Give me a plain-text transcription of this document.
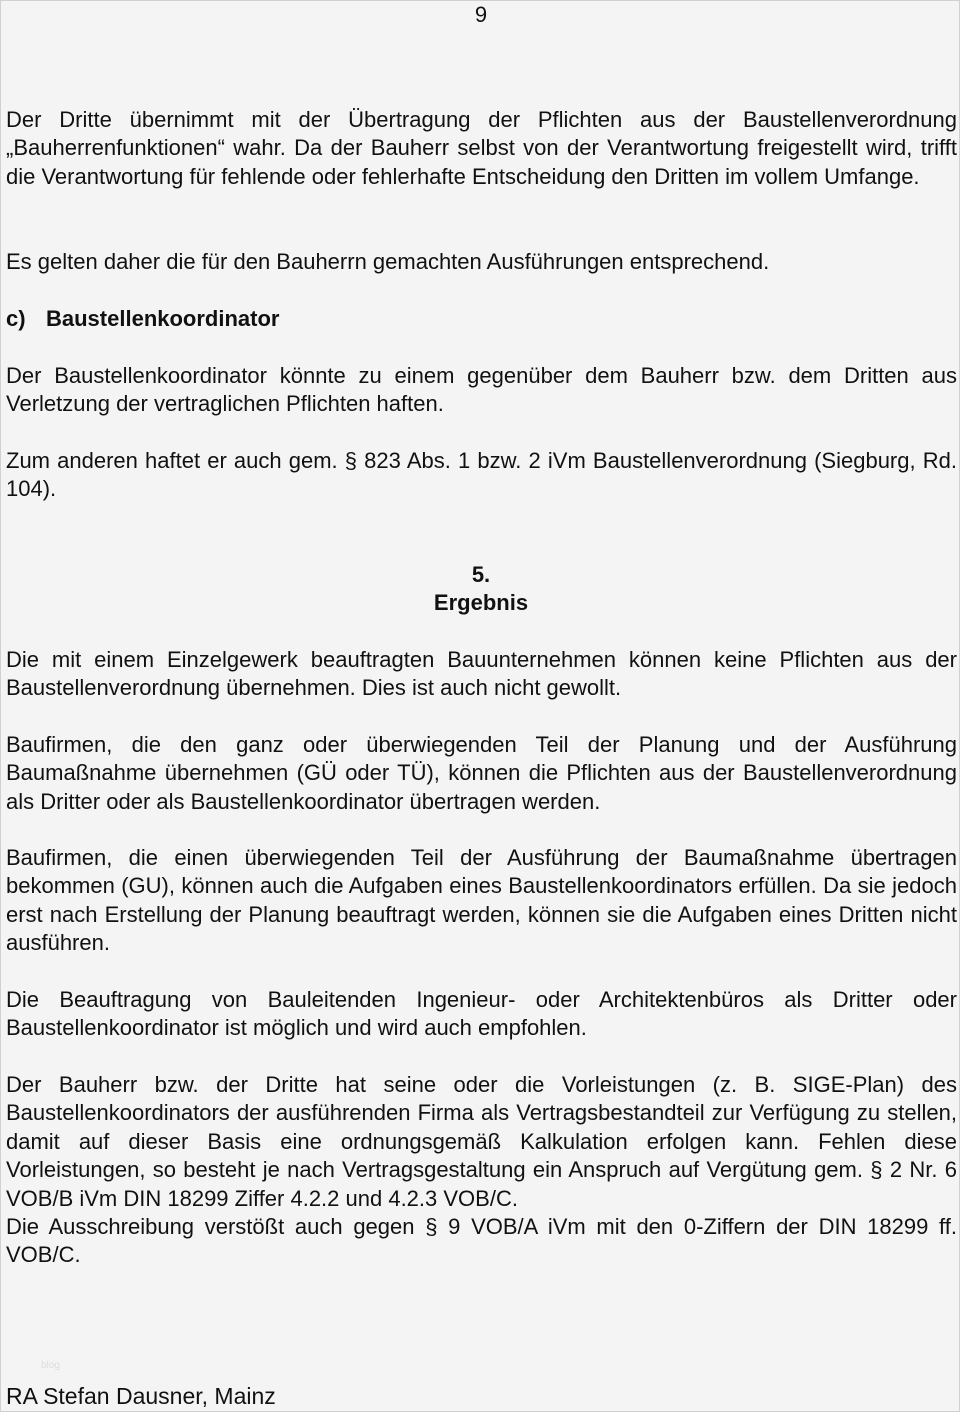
9

Der Dritte übernimmt mit der Übertragung der Pflichten aus der Baustellenverordnung „Bauherrenfunktionen“ wahr. Da der Bauherr selbst von der Verantwortung freigestellt wird, trifft die Verantwortung für fehlende oder fehlerhafte Entscheidung den Dritten im vollem Umfange.

Es gelten daher die für den Bauherrn gemachten Ausführungen entsprechend.

c) Baustellenkoordinator

Der Baustellenkoordinator könnte zu einem gegenüber dem Bauherr bzw. dem Dritten aus Verletzung der vertraglichen Pflichten haften.

Zum anderen haftet er auch gem. § 823 Abs. 1 bzw. 2 iVm Baustellenverordnung (Siegburg, Rd. 104).

5.
Ergebnis

Die mit einem Einzelgewerk beauftragten Bauunternehmen können keine Pflichten aus der Baustellenverordnung übernehmen. Dies ist auch nicht gewollt.

Baufirmen, die den ganz oder überwiegenden Teil der Planung und der Ausführung Baumaßnahme übernehmen (GÜ oder TÜ), können die Pflichten aus der Baustellenverordnung als Dritter oder als Baustellenkoordinator übertragen werden.

Baufirmen, die einen überwiegenden Teil der Ausführung der Baumaßnahme übertragen bekommen (GU), können auch die Aufgaben eines Baustellenkoordinators erfüllen. Da sie jedoch erst nach Erstellung der Planung beauftragt werden, können sie die Aufgaben eines Dritten nicht ausführen.

Die Beauftragung von Bauleitenden Ingenieur- oder Architektenbüros als Dritter oder Baustellenkoordinator ist möglich und wird auch empfohlen.

Der Bauherr bzw. der Dritte hat seine oder die Vorleistungen (z. B. SIGE-Plan) des Baustellenkoordinators der ausführenden Firma als Vertragsbestandteil zur Verfügung zu stellen, damit auf dieser Basis eine ordnungsgemäß Kalkulation erfolgen kann. Fehlen diese Vorleistungen, so besteht je nach Vertragsgestaltung ein Anspruch auf Vergütung gem. § 2 Nr. 6 VOB/B iVm DIN 18299 Ziffer 4.2.2 und 4.2.3 VOB/C.

Die Ausschreibung verstößt auch gegen § 9 VOB/A iVm mit den 0-Ziffern der DIN 18299 ff. VOB/C.

blog
RA Stefan Dausner, Mainz
